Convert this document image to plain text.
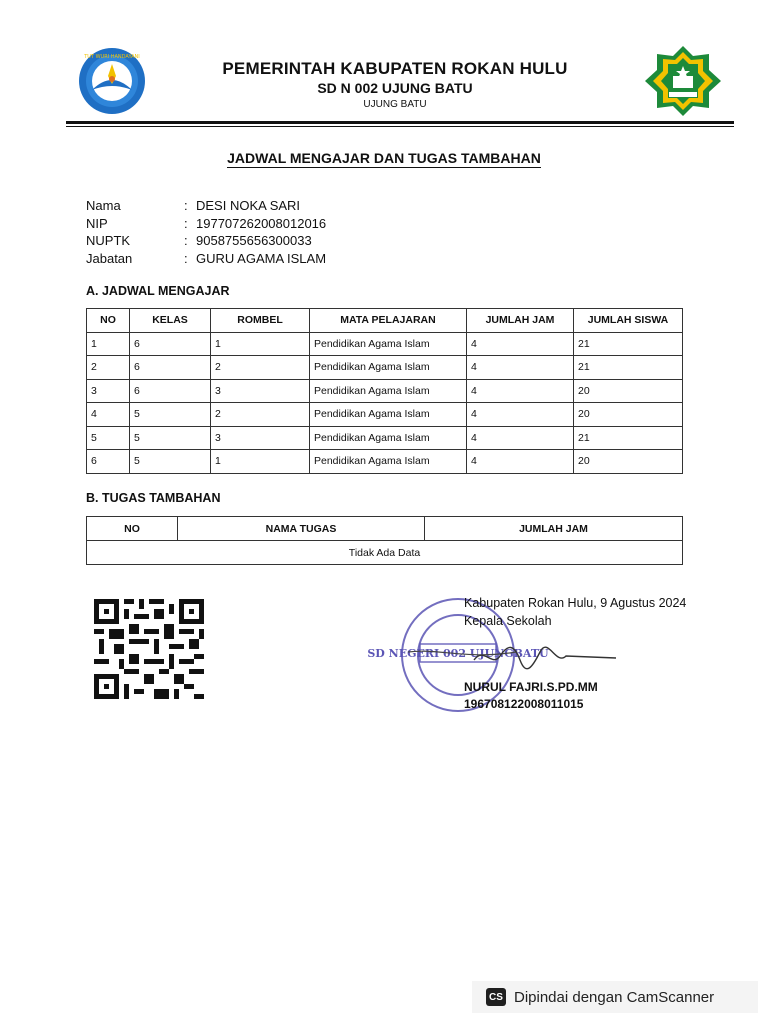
TUT WURI HANDAYANI
PEMERINTAH KABUPATEN ROKAN HULU
SD N 002 UJUNG BATU
UJUNG BATU
JADWAL MENGAJAR DAN TUGAS TAMBAHAN
Nama	: DESI NOKA SARI
NIP	: 197707262008012016
NUPTK	: 9058755656300033
Jabatan	: GURU AGAMA ISLAM
A. JADWAL MENGAJAR
NO	KELAS	ROMBEL	MATA PELAJARAN	JUMLAH JAM	JUMLAH SISWA
1	6	1	Pendidikan Agama Islam	4	21
2	6	2	Pendidikan Agama Islam	4	21
3	6	3	Pendidikan Agama Islam	4	20
4	5	2	Pendidikan Agama Islam	4	20
5	5	3	Pendidikan Agama Islam	4	21
6	5	1	Pendidikan Agama Islam	4	20
B. TUGAS TAMBAHAN
NO	NAMA TUGAS	JUMLAH JAM
Tidak Ada Data
SD NEGERI 002 UJUNGBATU
Kabupaten Rokan Hulu, 9 Agustus 2024
Kepala Sekolah
NURUL FAJRI.S.PD.MM
196708122008011015
CS Dipindai dengan CamScanner
